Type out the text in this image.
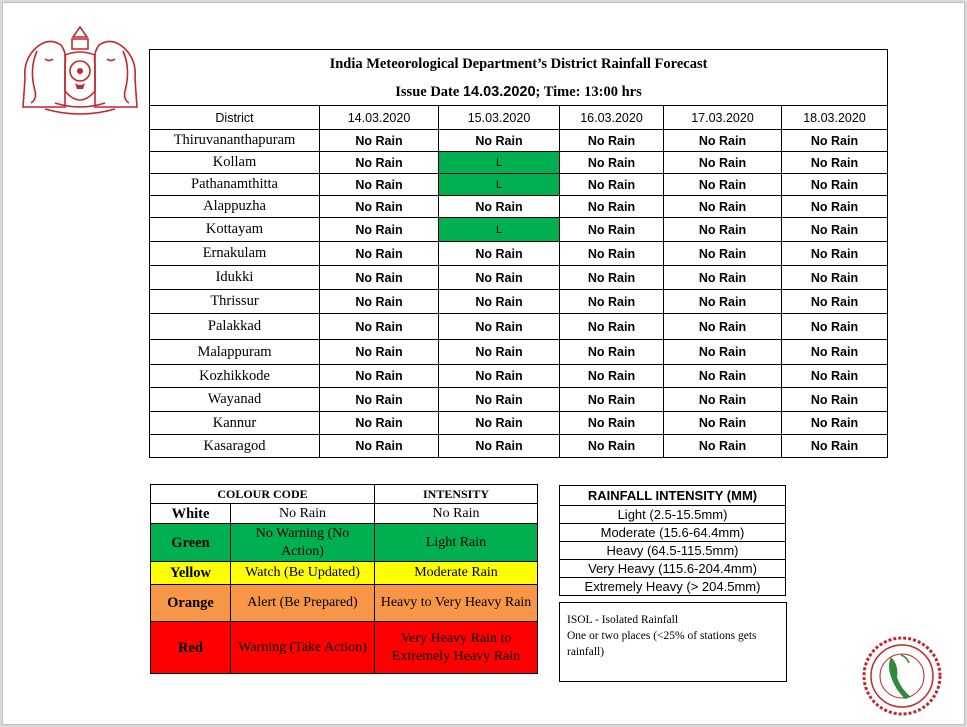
India Meteorological Department’s District Rainfall Forecast					
Issue Date 14.03.2020; Time: 13:00 hrs					
District	14.03.2020	15.03.2020	16.03.2020	17.03.2020	18.03.2020
Thiruvananthapuram	No Rain	No Rain	No Rain	No Rain	No Rain
Kollam	No Rain	L	No Rain	No Rain	No Rain
Pathanamthitta	No Rain	L	No Rain	No Rain	No Rain
Alappuzha	No Rain	No Rain	No Rain	No Rain	No Rain
Kottayam	No Rain	L	No Rain	No Rain	No Rain
Ernakulam	No Rain	No Rain	No Rain	No Rain	No Rain
Idukki	No Rain	No Rain	No Rain	No Rain	No Rain
Thrissur	No Rain	No Rain	No Rain	No Rain	No Rain
Palakkad	No Rain	No Rain	No Rain	No Rain	No Rain
Malappuram	No Rain	No Rain	No Rain	No Rain	No Rain
Kozhikkode	No Rain	No Rain	No Rain	No Rain	No Rain
Wayanad	No Rain	No Rain	No Rain	No Rain	No Rain
Kannur	No Rain	No Rain	No Rain	No Rain	No Rain
Kasaragod	No Rain	No Rain	No Rain	No Rain	No Rain
COLOUR CODE		INTENSITY
White	No Rain	No Rain
Green	No Warning (No Action)	Light Rain
Yellow	Watch (Be Updated)	Moderate Rain
Orange	Alert (Be Prepared)	Heavy to Very Heavy Rain
Red	Warning (Take Action)	Very Heavy Rain to Extremely Heavy Rain
RAINFALL INTENSITY (MM)
Light (2.5-15.5mm)
Moderate (15.6-64.4mm)
Heavy (64.5-115.5mm)
Very Heavy (115.6-204.4mm)
Extremely Heavy (> 204.5mm)
ISOL - Isolated Rainfall
One or two places (<25% of stations gets rainfall)
